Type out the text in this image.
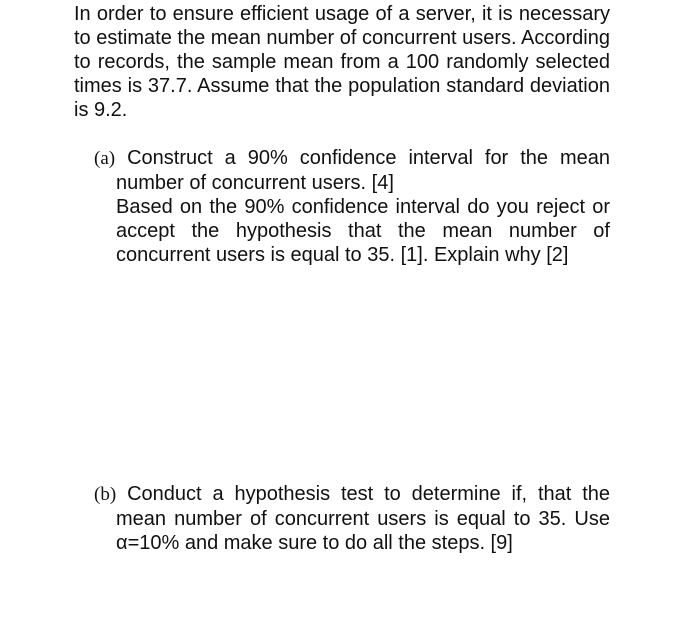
In order to ensure efficient usage of a server, it is necessary to estimate the mean number of concurrent users. According to records, the sample mean from a 100 randomly selected times is 37.7. Assume that the population standard deviation is 9.2.

(a) Construct a 90% confidence interval for the mean number of concurrent users. [4]

Based on the 90% confidence interval do you reject or accept the hypothesis that the mean number of concurrent users is equal to 35. [1]. Explain why [2]

(b) Conduct a hypothesis test to determine if, that the mean number of concurrent users is equal to 35. Use α=10% and make sure to do all the steps. [9]
